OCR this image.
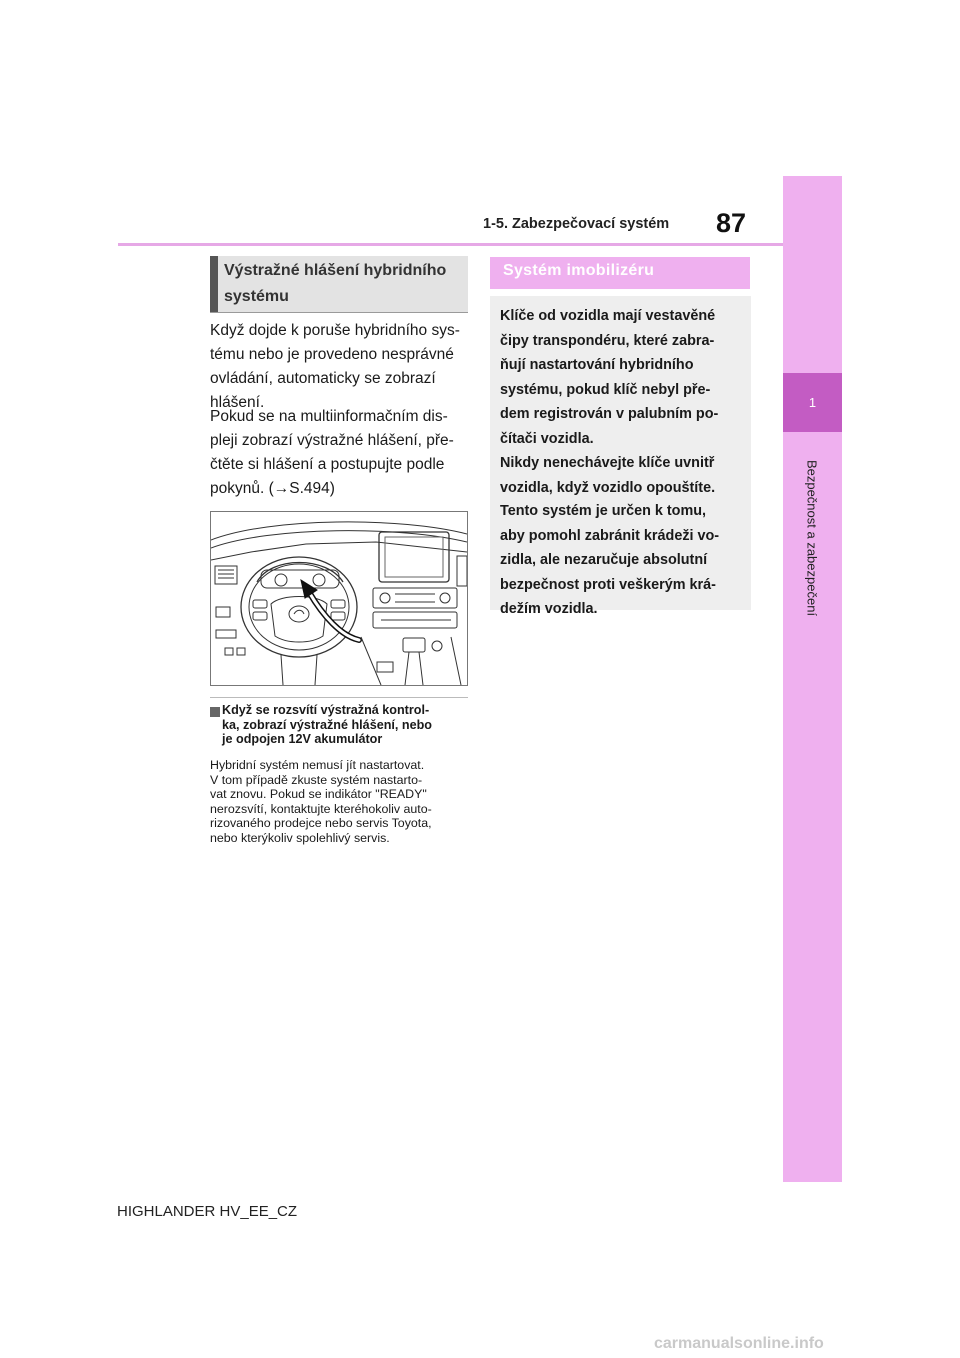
1-5. Zabezpečovací systém 87
1
Bezpečnost a zabezpečení
Výstražné hlášení hybridního
systému
Když dojde k poruše hybridního sys-
tému nebo je provedeno nesprávné
ovládání, automaticky se zobrazí
hlášení.
Pokud se na multiinformačním dis-
pleji zobrazí výstražné hlášení, pře-
čtěte si hlášení a postupujte podle
pokynů. (→S.494)
Když se rozsvítí výstražná kontrol-
ka, zobrazí výstražné hlášení, nebo
je odpojen 12V akumulátor
Hybridní systém nemusí jít nastartovat.
V tom případě zkuste systém nastarto-
vat znovu. Pokud se indikátor "READY"
nerozsvítí, kontaktujte kteréhokoliv auto-
rizovaného prodejce nebo servis Toyota,
nebo kterýkoliv spolehlivý servis.
Systém imobilizéru
Klíče od vozidla mají vestavěné
čipy transpondéru, které zabra-
ňují nastartování hybridního
systému, pokud klíč nebyl pře-
dem registrován v palubním po-
čítači vozidla.
Nikdy nenechávejte klíče uvnitř
vozidla, když vozidlo opouštíte.
Tento systém je určen k tomu,
aby pomohl zabránit krádeži vo-
zidla, ale nezaručuje absolutní
bezpečnost proti veškerým krá-
dežím vozidla.
HIGHLANDER HV_EE_CZ
carmanualsonline.info
